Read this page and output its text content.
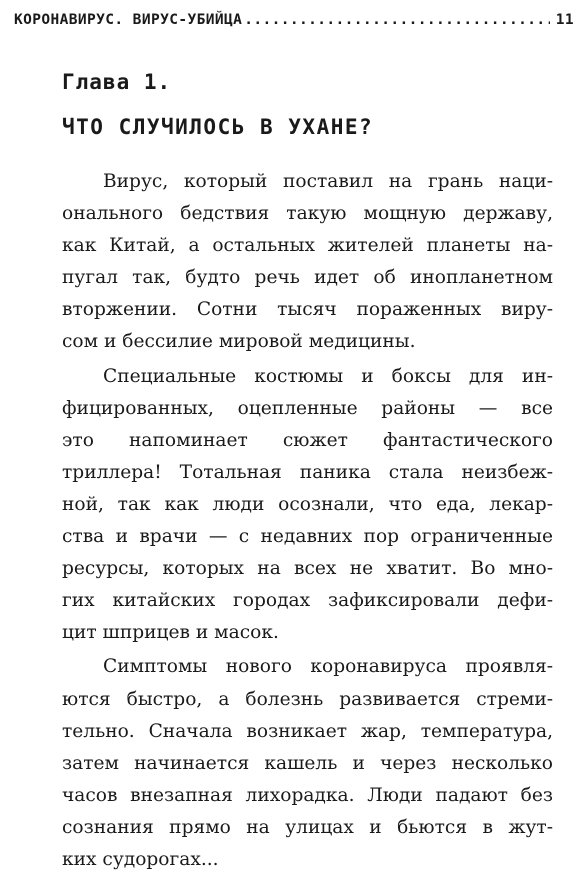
КОРОНАВИРУС. ВИРУС-УБИЙЦА
.....	11
Глава 1.
ЧТО СЛУЧИЛОСЬ В УХАНЕ?

Вирус, который поставил на грань наци-
онального бедствия такую мощную державу,
как Китай, а остальных жителей планеты на-
пугал так, будто речь идет об инопланетном
вторжении. Сотни тысяч пораженных виру-
сом и бессилие мировой медицины.

Специальные костюмы и боксы для ин-
фицированных, оцепленные районы — все
это напоминает сюжет фантастического
триллера! Тотальная паника стала неизбеж-
ной, так как люди осознали, что еда, лекар-
ства и врачи — с недавних пор ограниченные
ресурсы, которых на всех не хватит. Во мно-
гих китайских городах зафиксировали дефи-
цит шприцев и масок.

Симптомы нового коронавируса проявля-
ются быстро, а болезнь развивается стреми-
тельно. Сначала возникает жар, температура,
затем начинается кашель и через несколько
часов внезапная лихорадка. Люди падают без
сознания прямо на улицах и бьются в жут-
ких судорогах...
